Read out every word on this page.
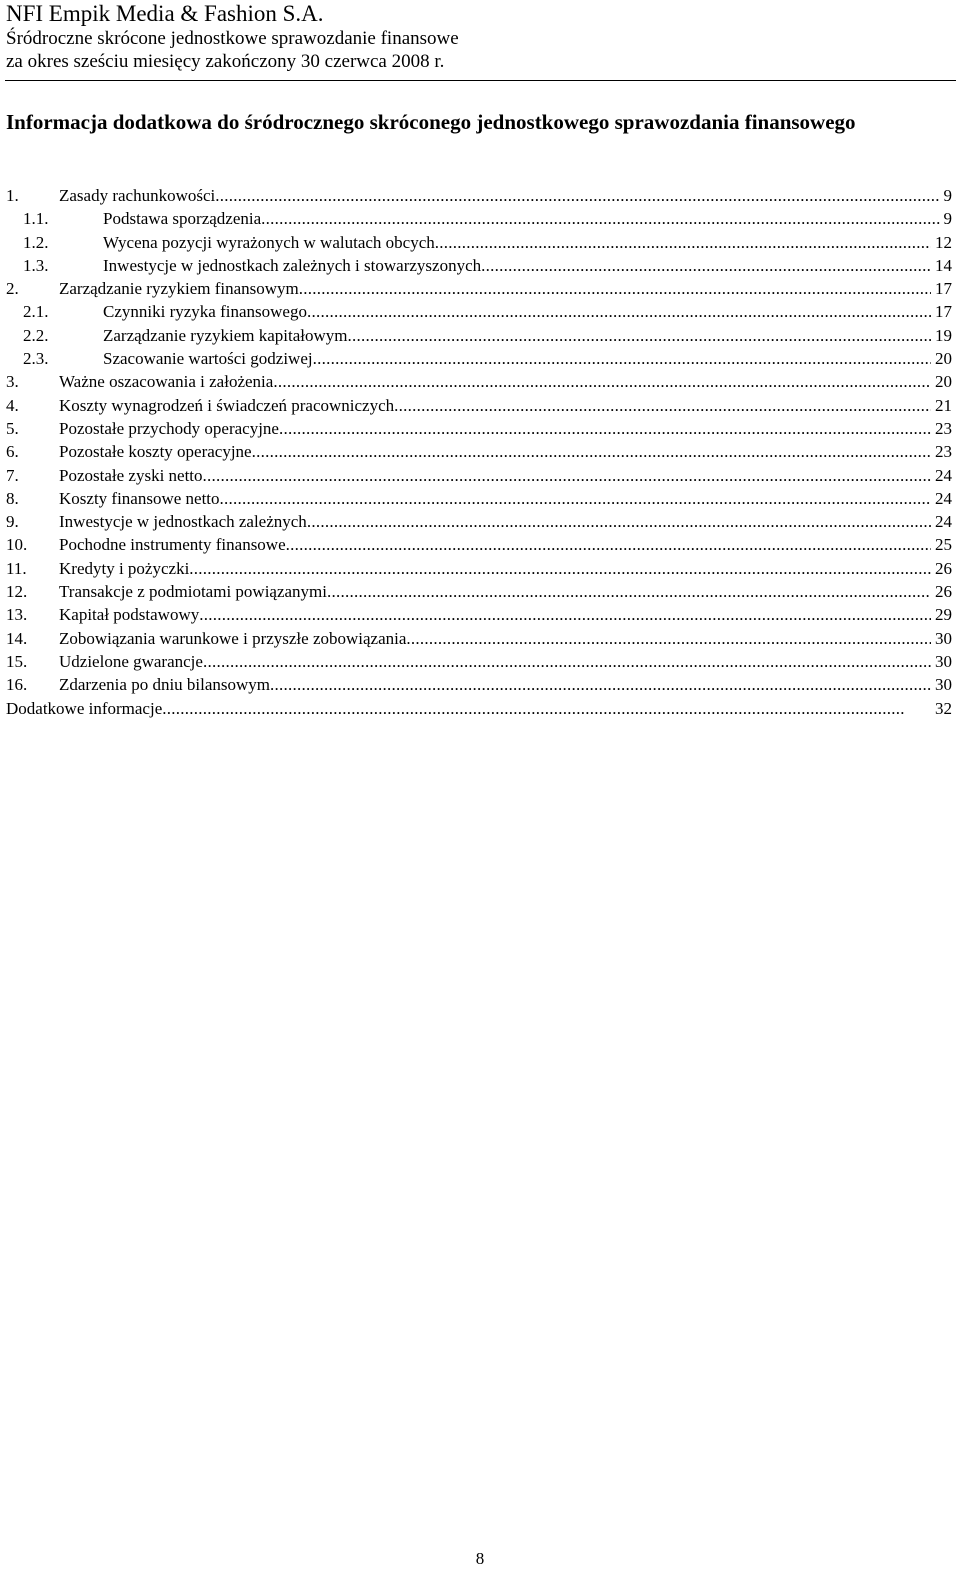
NFI Empik Media & Fashion S.A.
Śródroczne skrócone jednostkowe sprawozdanie finansowe
za okres sześciu miesięcy zakończony 30 czerwca 2008 r.
Informacja dodatkowa do śródrocznego skróconego jednostkowego sprawozdania finansowego
1.	Zasady rachunkowości . . .	9
1.1.	Podstawa sporządzenia . . .	9
1.2.	Wycena pozycji wyrażonych w walutach obcych . . .	12
1.3.	Inwestycje w jednostkach zależnych i stowarzyszonych . . .	14
2.	Zarządzanie ryzykiem finansowym . . .	17
2.1.	Czynniki ryzyka finansowego . . .	17
2.2.	Zarządzanie ryzykiem kapitałowym . . .	19
2.3.	Szacowanie wartości godziwej . . .	20
3.	Ważne oszacowania i założenia . . .	20
4.	Koszty wynagrodzeń i świadczeń pracowniczych . . .	21
5.	Pozostałe przychody operacyjne . . .	23
6.	Pozostałe koszty operacyjne . . .	23
7.	Pozostałe zyski netto . . .	24
8.	Koszty finansowe netto . . .	24
9.	Inwestycje w jednostkach zależnych . . .	24
10.	Pochodne instrumenty finansowe . . .	25
11.	Kredyty i pożyczki . . .	26
12.	Transakcje z podmiotami powiązanymi . . .	26
13.	Kapitał podstawowy . . .	29
14.	Zobowiązania warunkowe i przyszłe zobowiązania . . .	30
15.	Udzielone gwarancje . . .	30
16.	Zdarzenia po dniu bilansowym . . .	30
Dodatkowe informacje . . .	32
8
